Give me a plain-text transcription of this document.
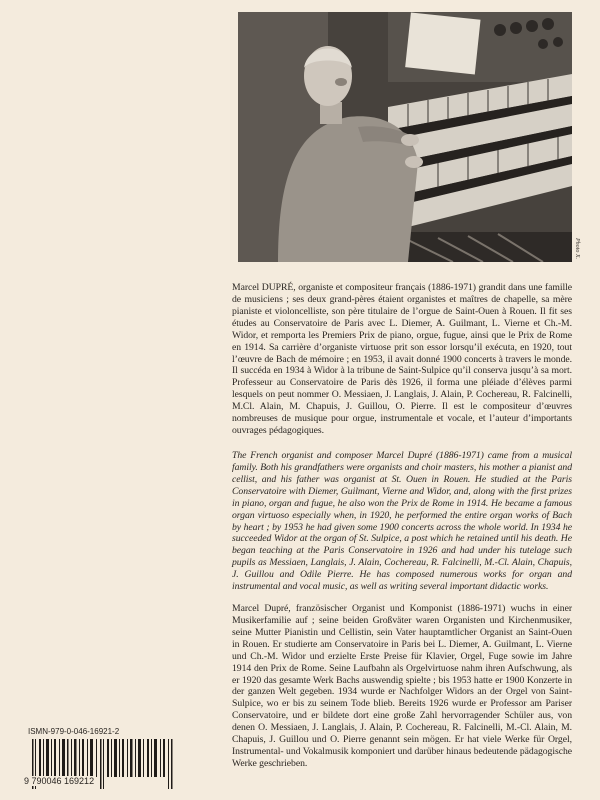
Photo X.

Marcel DUPRÉ, organiste et compositeur français (1886-1971) grandit dans une famille de musiciens ; ses deux grand-pères étaient organistes et maîtres de chapelle, sa mère pianiste et violoncelliste, son père titulaire de l’orgue de Saint-Ouen à Rouen. Il fit ses études au Conservatoire de Paris avec L. Diemer, A. Guilmant, L. Vierne et Ch.-M. Widor, et remporta les Premiers Prix de piano, orgue, fugue, ainsi que le Prix de Rome en 1914. Sa carrière d’organiste virtuose prit son essor lorsqu’il exécuta, en 1920, tout l’œuvre de Bach de mémoire ; en 1953, il avait donné 1900 concerts à travers le monde. Il succéda en 1934 à Widor à la tribune de Saint-Sulpice qu’il conserva jusqu’à sa mort. Professeur au Conservatoire de Paris dès 1926, il forma une pléiade d’élèves parmi lesquels on peut nommer O. Messiaen, J. Langlais, J. Alain, P. Cochereau, R. Falcinelli, M.Cl. Alain, M. Chapuis, J. Guillou, O. Pierre. Il est le compositeur d’œuvres nombreuses de musique pour orgue, instrumentale et vocale, et l’auteur d’importants ouvrages pédagogiques.

The French organist and composer Marcel Dupré (1886-1971) came from a musical family. Both his grandfathers were organists and choir masters, his mother a pianist and cellist, and his father was organist at St. Ouen in Rouen. He studied at the Paris Conservatoire with Diemer, Guilmant, Vierne and Widor, and, along with the first prizes in piano, organ and fugue, he also won the Prix de Rome in 1914. He became a famous organ virtuoso especially when, in 1920, he performed the entire organ works of Bach by heart ; by 1953 he had given some 1900 concerts across the whole world. In 1934 he succeeded Widor at the organ of St. Sulpice, a post which he retained until his death. He began teaching at the Paris Conservatoire in 1926 and had under his tutelage such pupils as Messiaen, Langlais, J. Alain, Cochereau, R. Falcinelli, M.-Cl. Alain, Chapuis, J. Guillou and Odile Pierre. He has composed numerous works for organ and instrumental and vocal music, as well as writing several important didactic works.

Marcel Dupré, französischer Organist und Komponist (1886-1971) wuchs in einer Musikerfamilie auf ; seine beiden Großväter waren Organisten und Kirchenmusiker, seine Mutter Pianistin und Cellistin, sein Vater hauptamtlicher Organist an Saint-Ouen in Rouen. Er studierte am Conservatoire in Paris bei L. Diemer, A. Guilmant, L. Vierne und Ch.-M. Widor und erzielte Erste Preise für Klavier, Orgel, Fuge sowie im Jahre 1914 den Prix de Rome. Seine Laufbahn als Orgelvirtuose nahm ihren Aufschwung, als er 1920 das gesamte Werk Bachs auswendig spielte ; bis 1953 hatte er 1900 Konzerte in der ganzen Welt gegeben. 1934 wurde er Nachfolger Widors an der Orgel von Saint-Sulpice, wo er bis zu seinem Tode blieb. Bereits 1926 wurde er Professor am Pariser Conservatoire, und er bildete dort eine große Zahl hervorragender Schüler aus, von denen O. Messiaen, J. Langlais, J. Alain, P. Cochereau, R. Falcinelli, M.-Cl. Alain, M. Chapuis, J. Guillou und O. Pierre genannt sein mögen. Er hat viele Werke für Orgel, Instrumental- und Vokalmusik komponiert und darüber hinaus bedeutende pädagogische Werke geschrieben.

ISMN-979-0-046-16921-2
9 790046 169212
